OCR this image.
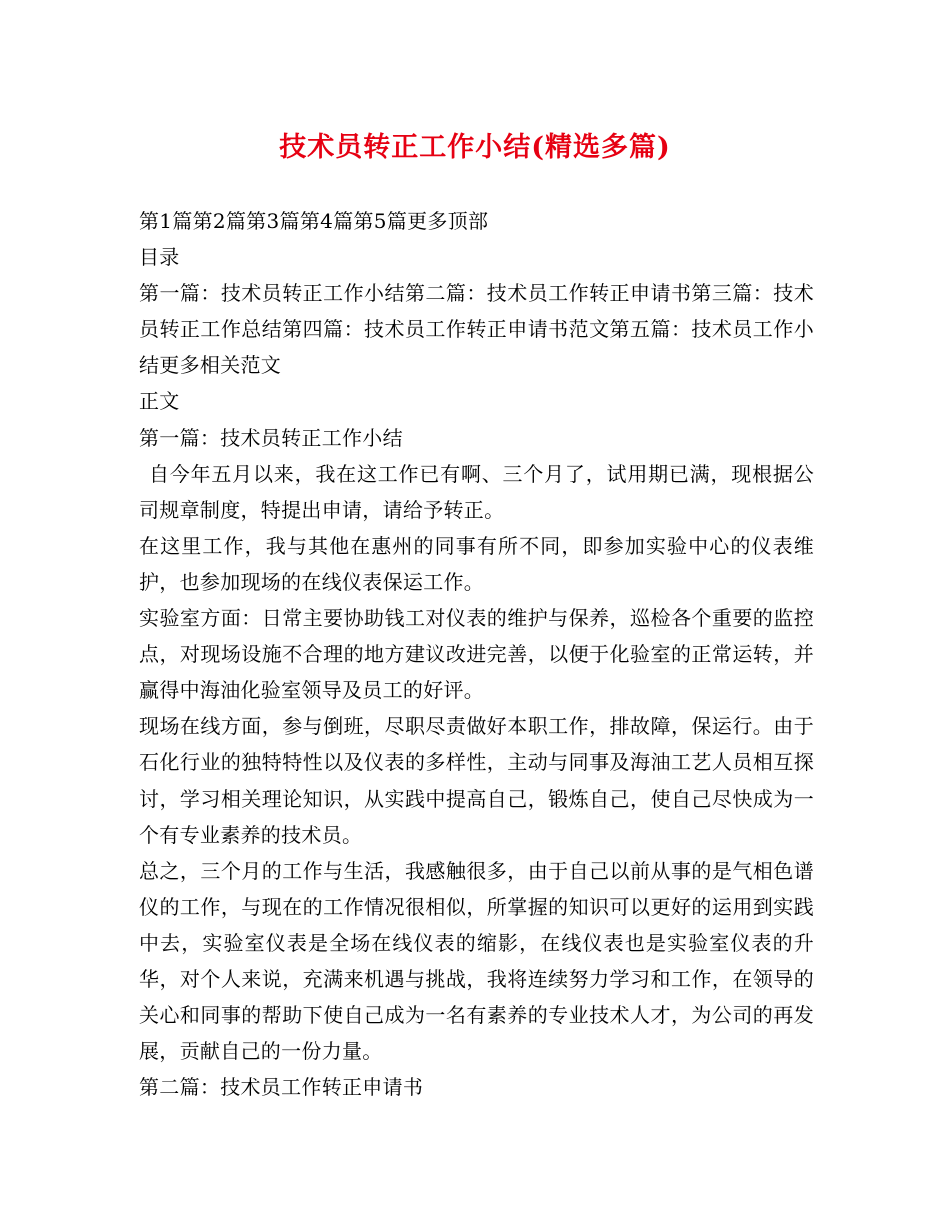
技术员转正工作小结(精选多篇)

第1篇第2篇第3篇第4篇第5篇更多顶部

目录

第一篇：技术员转正工作小结第二篇：技术员工作转正申请书第三篇：技术员转正工作总结第四篇：技术员工作转正申请书范文第五篇：技术员工作小结更多相关范文

正文

第一篇：技术员转正工作小结

自今年五月以来，我在这工作已有啊、三个月了，试用期已满，现根据公司规章制度，特提出申请，请给予转正。

在这里工作，我与其他在惠州的同事有所不同，即参加实验中心的仪表维护，也参加现场的在线仪表保运工作。

实验室方面：日常主要协助钱工对仪表的维护与保养，巡检各个重要的监控点，对现场设施不合理的地方建议改进完善，以便于化验室的正常运转，并赢得中海油化验室领导及员工的好评。

现场在线方面，参与倒班，尽职尽责做好本职工作，排故障，保运行。由于石化行业的独特特性以及仪表的多样性，主动与同事及海油工艺人员相互探讨，学习相关理论知识，从实践中提高自己，锻炼自己，使自己尽快成为一个有专业素养的技术员。

总之，三个月的工作与生活，我感触很多，由于自己以前从事的是气相色谱仪的工作，与现在的工作情况很相似，所掌握的知识可以更好的运用到实践中去，实验室仪表是全场在线仪表的缩影，在线仪表也是实验室仪表的升华，对个人来说，充满来机遇与挑战，我将连续努力学习和工作，在领导的关心和同事的帮助下使自己成为一名有素养的专业技术人才，为公司的再发展，贡献自己的一份力量。

第二篇：技术员工作转正申请书
